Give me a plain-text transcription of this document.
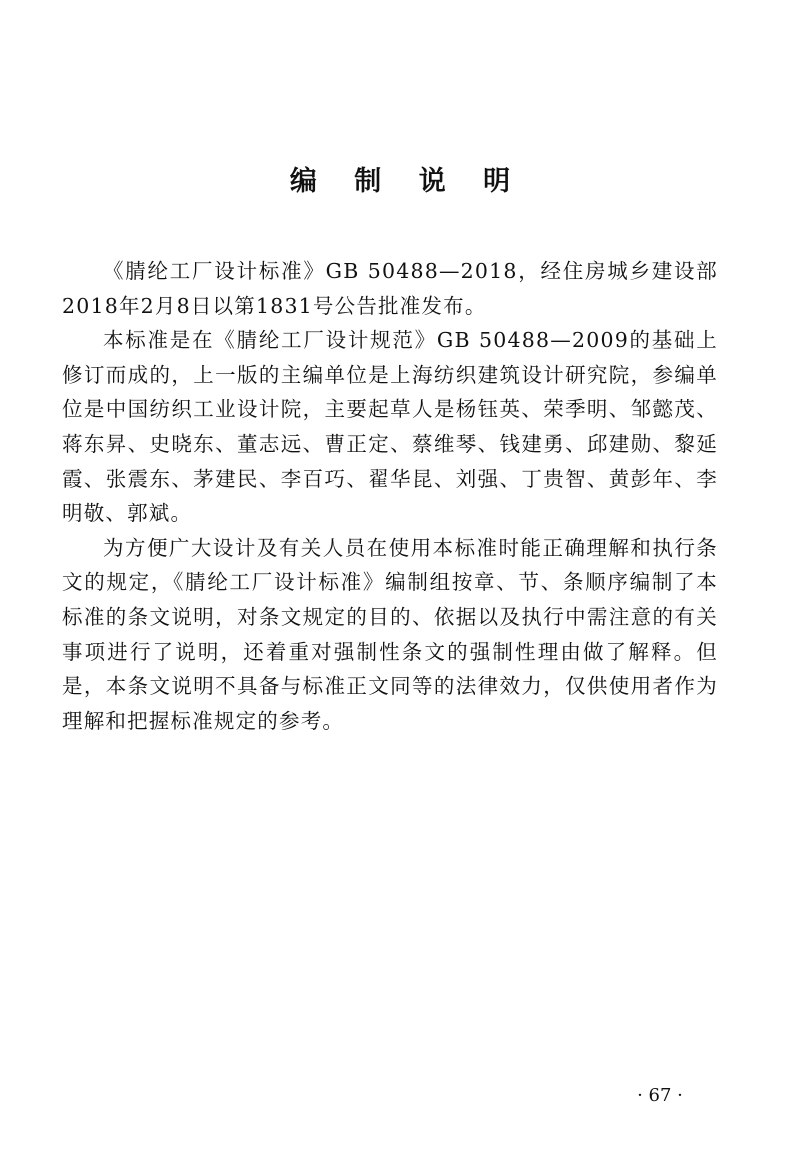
编 制 说 明

《腈纶工厂设计标准》GB 50488—2018，经住房城乡建设部2018年2月8日以第1831号公告批准发布。

本标准是在《腈纶工厂设计规范》GB 50488—2009的基础上修订而成的，上一版的主编单位是上海纺织建筑设计研究院，参编单位是中国纺织工业设计院，主要起草人是杨钰英、荣季明、邹懿茂、蒋东昇、史晓东、董志远、曹正定、蔡维琴、钱建勇、邱建勋、黎延霞、张震东、茅建民、李百巧、翟华昆、刘强、丁贵智、黄彭年、李明敬、郭斌。

为方便广大设计及有关人员在使用本标准时能正确理解和执行条文的规定，《腈纶工厂设计标准》编制组按章、节、条顺序编制了本标准的条文说明，对条文规定的目的、依据以及执行中需注意的有关事项进行了说明，还着重对强制性条文的强制性理由做了解释。但是，本条文说明不具备与标准正文同等的法律效力，仅供使用者作为理解和把握标准规定的参考。

· 67 ·
